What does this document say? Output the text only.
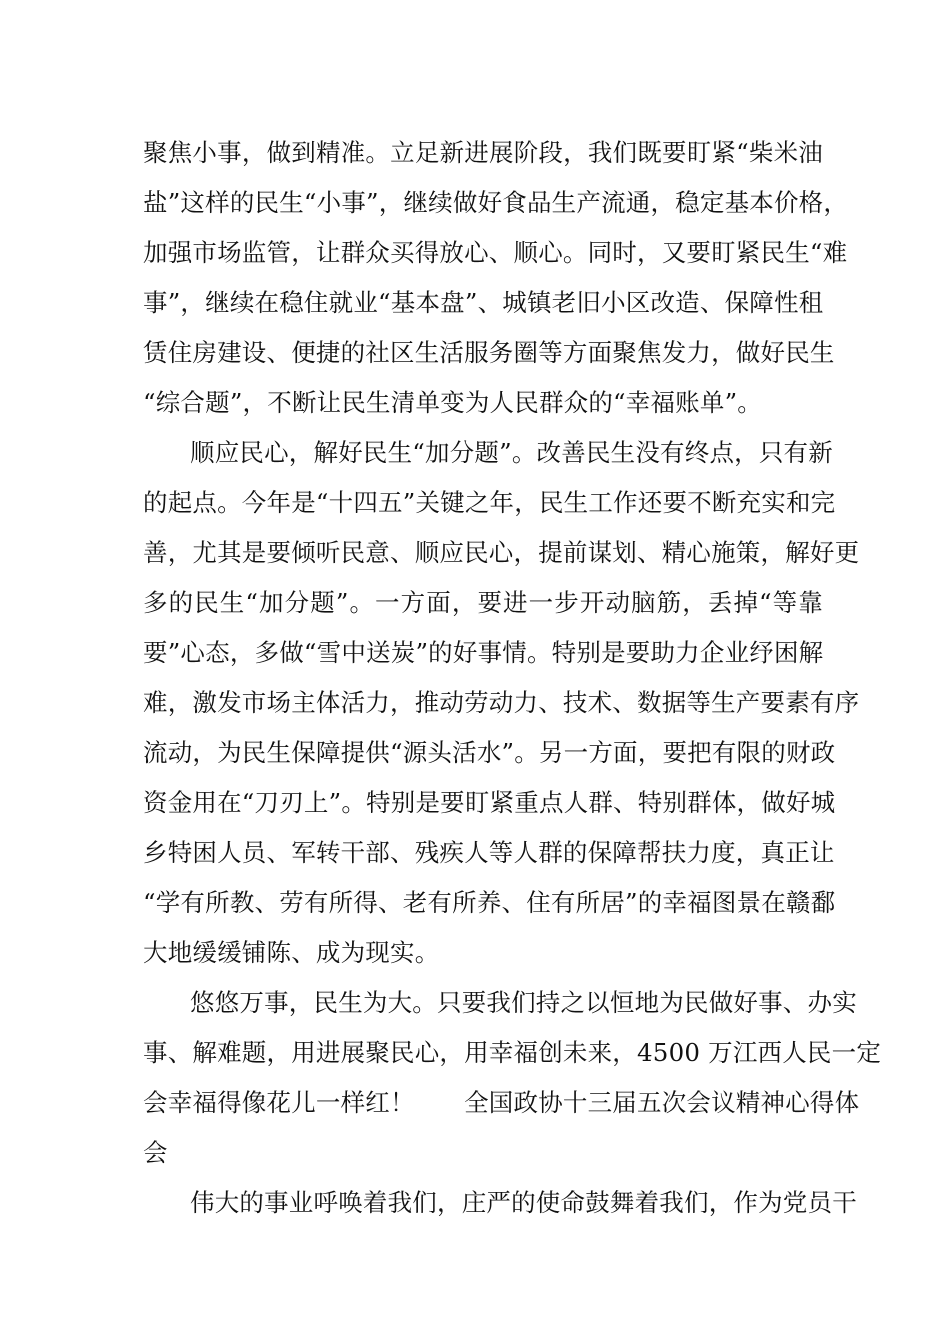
聚焦小事，做到精准。立足新进展阶段，我们既要盯紧“柴米油
盐”这样的民生“小事”，继续做好食品生产流通，稳定基本价格，
加强市场监管，让群众买得放心、顺心。同时，又要盯紧民生“难
事”，继续在稳住就业“基本盘”、城镇老旧小区改造、保障性租
赁住房建设、便捷的社区生活服务圈等方面聚焦发力，做好民生
“综合题”，不断让民生清单变为人民群众的“幸福账单”。
顺应民心，解好民生“加分题”。改善民生没有终点，只有新
的起点。今年是“十四五”关键之年，民生工作还要不断充实和完
善，尤其是要倾听民意、顺应民心，提前谋划、精心施策，解好更
多的民生“加分题”。一方面，要进一步开动脑筋，丢掉“等靠
要”心态，多做“雪中送炭”的好事情。特别是要助力企业纾困解
难，激发市场主体活力，推动劳动力、技术、数据等生产要素有序
流动，为民生保障提供“源头活水”。另一方面，要把有限的财政
资金用在“刀刃上”。特别是要盯紧重点人群、特别群体，做好城
乡特困人员、军转干部、残疾人等人群的保障帮扶力度，真正让
“学有所教、劳有所得、老有所养、住有所居”的幸福图景在赣鄱
大地缓缓铺陈、成为现实。
悠悠万事，民生为大。只要我们持之以恒地为民做好事、办实
事、解难题，用进展聚民心，用幸福创未来，4500 万江西人民一定
会幸福得像花儿一样红！　　全国政协十三届五次会议精神心得体
会
伟大的事业呼唤着我们，庄严的使命鼓舞着我们，作为党员干
